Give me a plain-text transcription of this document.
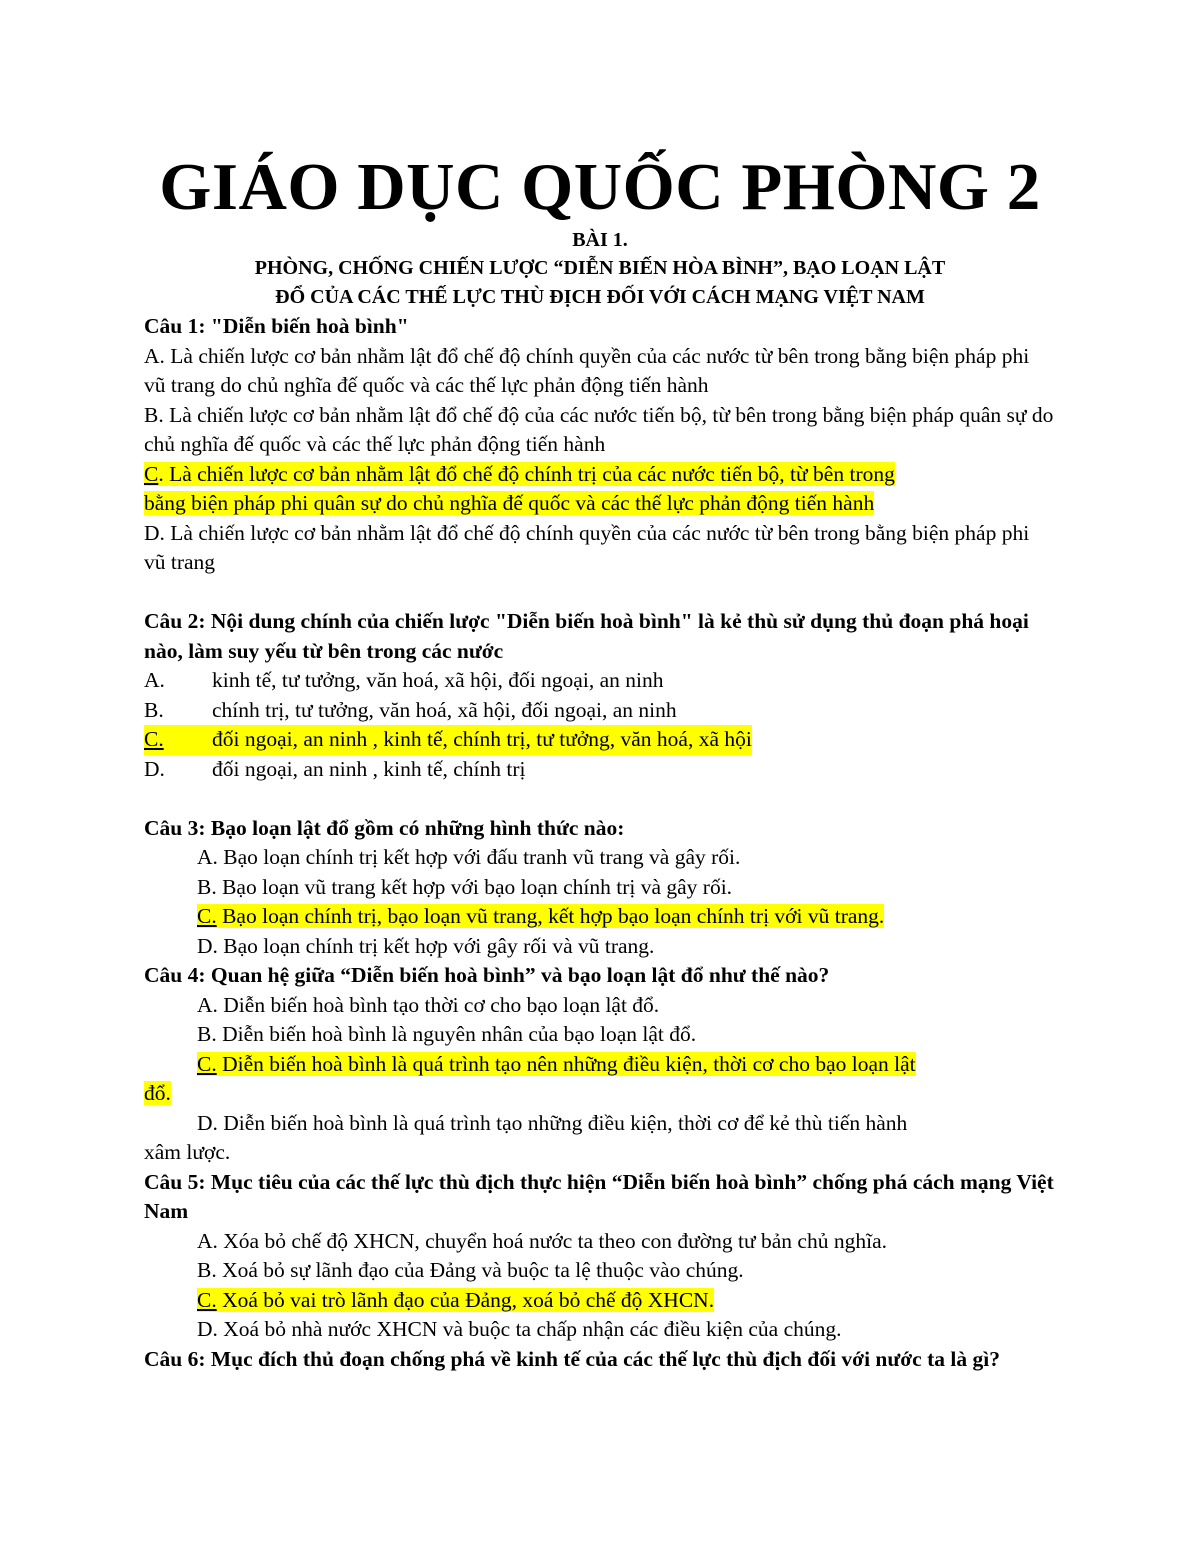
GIÁO DỤC QUỐC PHÒNG 2
BÀI 1.
PHÒNG, CHỐNG CHIẾN LƯỢC “DIỄN BIẾN HÒA BÌNH”, BẠO LOẠN LẬT
ĐỔ CỦA CÁC THẾ LỰC THÙ ĐỊCH ĐỐI VỚI CÁCH MẠNG VIỆT NAM

Câu 1: "Diễn biến hoà bình"

A. Là chiến lược cơ bản nhằm lật đổ chế độ chính quyền của các nước từ bên trong bằng biện pháp phi vũ trang do chủ nghĩa đế quốc và các thế lực phản động tiến hành

B. Là chiến lược cơ bản nhằm lật đổ chế độ của các nước tiến bộ, từ bên trong bằng biện pháp quân sự do chủ nghĩa đế quốc và các thế lực phản động tiến hành

C. Là chiến lược cơ bản nhằm lật đổ chế độ chính trị của các nước tiến bộ, từ bên trong
bằng biện pháp phi quân sự do chủ nghĩa đế quốc và các thế lực phản động tiến hành

D. Là chiến lược cơ bản nhằm lật đổ chế độ chính quyền của các nước từ bên trong bằng biện pháp phi vũ trang

Câu 2: Nội dung chính của chiến lược "Diễn biến hoà bình" là kẻ thù sử dụng thủ đoạn phá hoại nào, làm suy yếu từ bên trong các nước

A.	kinh tế, tư tưởng, văn hoá, xã hội, đối ngoại, an ninh
B.	chính trị, tư tưởng, văn hoá, xã hội, đối ngoại, an ninh
C.	đối ngoại, an ninh , kinh tế, chính trị, tư tưởng, văn hoá, xã hội
D.	đối ngoại, an ninh , kinh tế, chính trị

Câu 3: Bạo loạn lật đổ gồm có những hình thức nào:

A. Bạo loạn chính trị kết hợp với đấu tranh vũ trang và gây rối.

B. Bạo loạn vũ trang kết hợp với bạo loạn chính trị và gây rối.

C. Bạo loạn chính trị, bạo loạn vũ trang, kết hợp bạo loạn chính trị với vũ trang.

D. Bạo loạn chính trị kết hợp với gây rối và vũ trang.

Câu 4: Quan hệ giữa “Diễn biến hoà bình” và bạo loạn lật đổ như thế nào?

A. Diễn biến hoà bình tạo thời cơ cho bạo loạn lật đổ.

B. Diễn biến hoà bình là nguyên nhân của bạo loạn lật đổ.

C. Diễn biến hoà bình là quá trình tạo nên những điều kiện, thời cơ cho bạo loạn lật
đổ.

D. Diễn biến hoà bình là quá trình tạo những điều kiện, thời cơ để kẻ thù tiến hành
xâm lược.

Câu 5: Mục tiêu của các thế lực thù địch thực hiện “Diễn biến hoà bình” chống phá cách mạng Việt Nam

A. Xóa bỏ chế độ XHCN, chuyển hoá nước ta theo con đường tư bản chủ nghĩa.

B. Xoá bỏ sự lãnh đạo của Đảng và buộc ta lệ thuộc vào chúng.

C. Xoá bỏ vai trò lãnh đạo của Đảng, xoá bỏ chế độ XHCN.

D. Xoá bỏ nhà nước XHCN và buộc ta chấp nhận các điều kiện của chúng.

Câu 6: Mục đích thủ đoạn chống phá về kinh tế của các thế lực thù địch đối với nước ta là gì?
